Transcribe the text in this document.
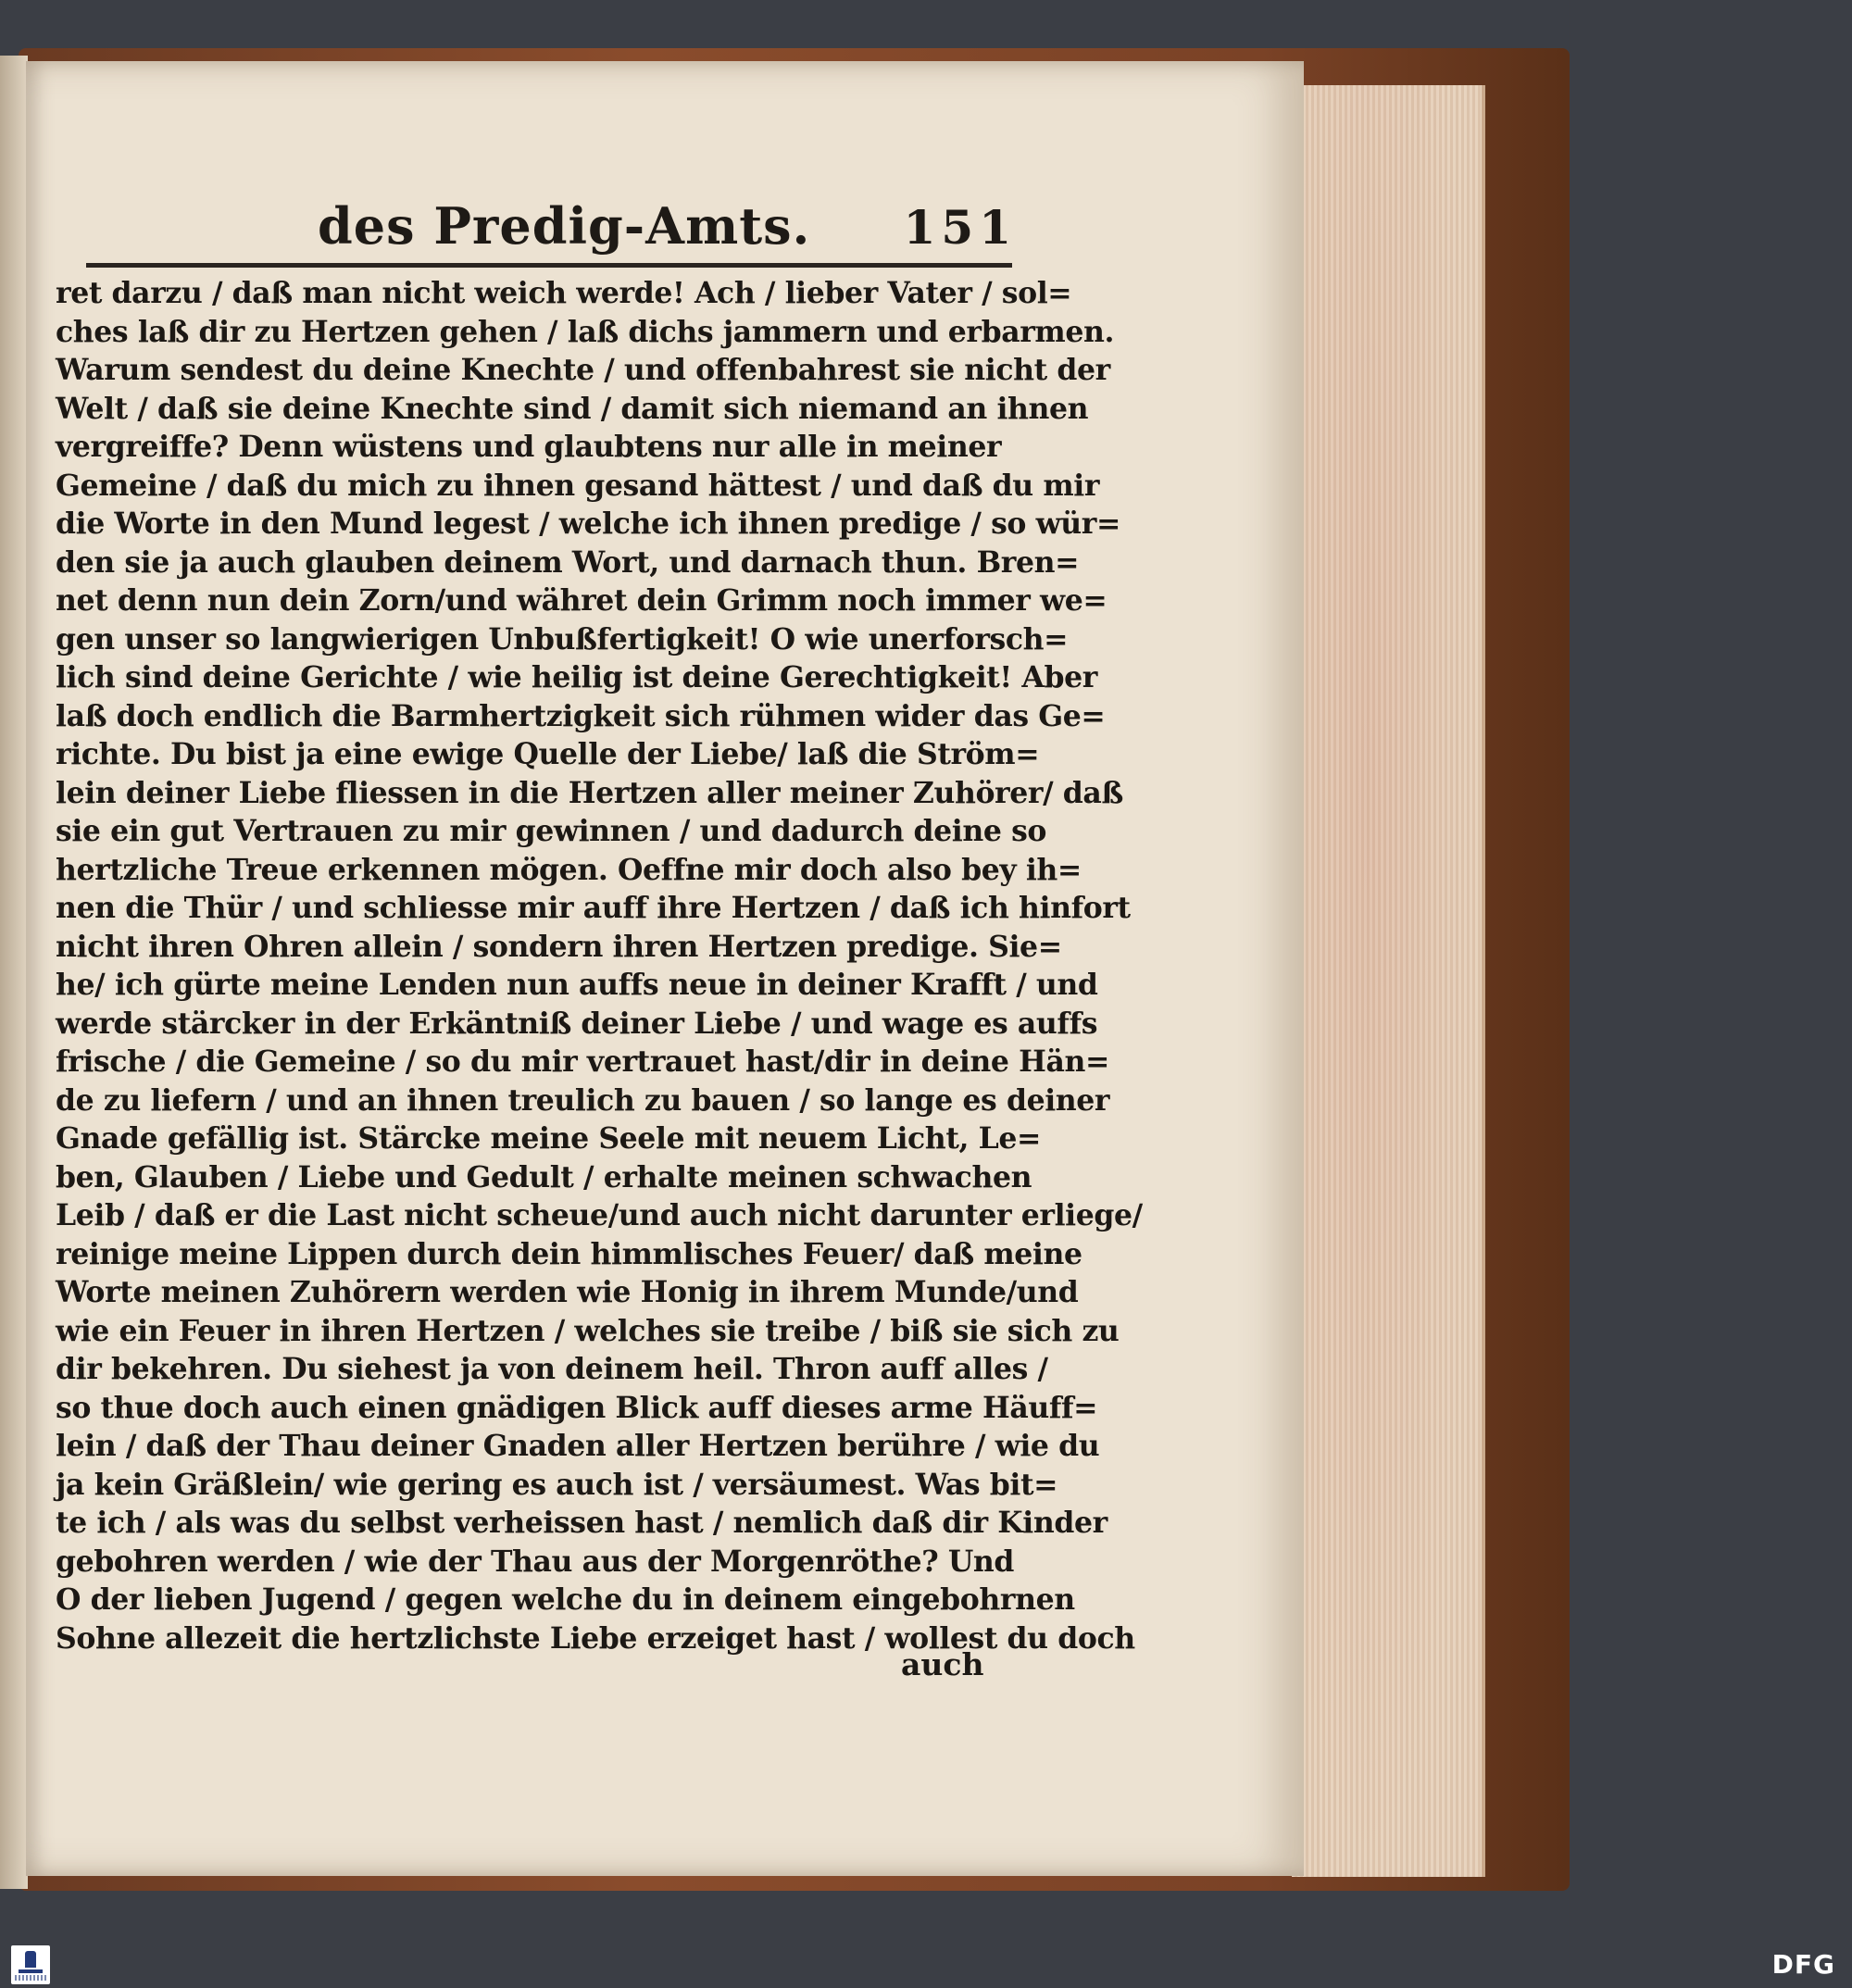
des Predig-Amts. 151
ret darzu / daß man nicht weich werde! Ach / lieber Vater / sol=
ches laß dir zu Hertzen gehen / laß dichs jammern und erbarmen.
Warum sendest du deine Knechte / und offenbahrest sie nicht der
Welt / daß sie deine Knechte sind / damit sich niemand an ihnen
vergreiffe? Denn wüstens und glaubtens nur alle in meiner
Gemeine / daß du mich zu ihnen gesand hättest / und daß du mir
die Worte in den Mund legest / welche ich ihnen predige / so wür=
den sie ja auch glauben deinem Wort, und darnach thun. Bren=
net denn nun dein Zorn/und währet dein Grimm noch immer we=
gen unser so langwierigen Unbußfertigkeit! O wie unerforsch=
lich sind deine Gerichte / wie heilig ist deine Gerechtigkeit! Aber
laß doch endlich die Barmhertzigkeit sich rühmen wider das Ge=
richte. Du bist ja eine ewige Quelle der Liebe/ laß die Ström=
lein deiner Liebe fliessen in die Hertzen aller meiner Zuhörer/ daß
sie ein gut Vertrauen zu mir gewinnen / und dadurch deine so
hertzliche Treue erkennen mögen. Oeffne mir doch also bey ih=
nen die Thür / und schliesse mir auff ihre Hertzen / daß ich hinfort
nicht ihren Ohren allein / sondern ihren Hertzen predige. Sie=
he/ ich gürte meine Lenden nun auffs neue in deiner Krafft / und
werde stärcker in der Erkäntniß deiner Liebe / und wage es auffs
frische / die Gemeine / so du mir vertrauet hast/dir in deine Hän=
de zu liefern / und an ihnen treulich zu bauen / so lange es deiner
Gnade gefällig ist. Stärcke meine Seele mit neuem Licht, Le=
ben, Glauben / Liebe und Gedult / erhalte meinen schwachen
Leib / daß er die Last nicht scheue/und auch nicht darunter erliege/
reinige meine Lippen durch dein himmlisches Feuer/ daß meine
Worte meinen Zuhörern werden wie Honig in ihrem Munde/und
wie ein Feuer in ihren Hertzen / welches sie treibe / biß sie sich zu
dir bekehren. Du siehest ja von deinem heil. Thron auff alles /
so thue doch auch einen gnädigen Blick auff dieses arme Häuff=
lein / daß der Thau deiner Gnaden aller Hertzen berühre / wie du
ja kein Gräßlein/ wie gering es auch ist / versäumest. Was bit=
te ich / als was du selbst verheissen hast / nemlich daß dir Kinder
gebohren werden / wie der Thau aus der Morgenröthe? Und
O der lieben Jugend / gegen welche du in deinem eingebohrnen
Sohne allezeit die hertzlichste Liebe erzeiget hast / wollest du doch
auch
DFG
